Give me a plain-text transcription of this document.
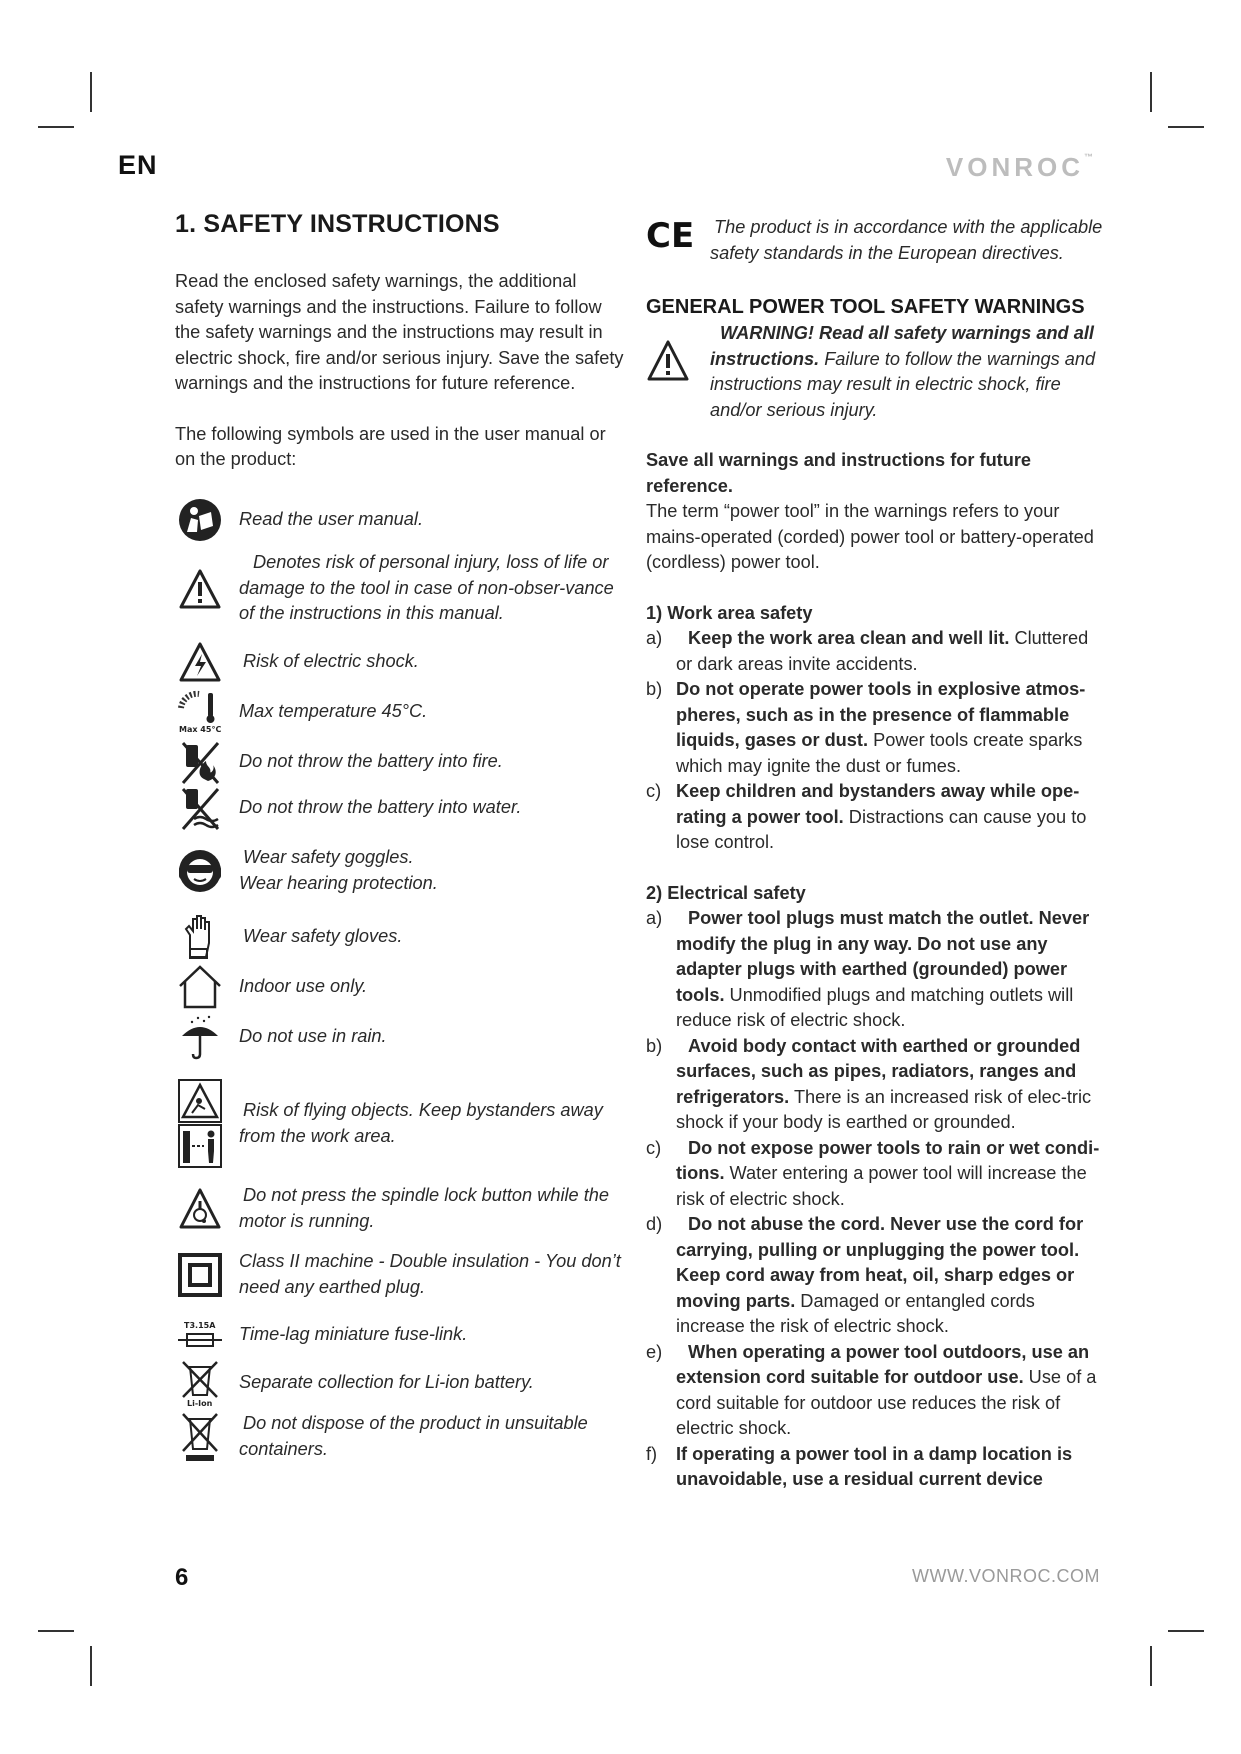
EN	VONROC™
1. SAFETY INSTRUCTIONS

Read the enclosed safety warnings, the additional safety warnings and the instructions. Failure to follow the safety warnings and the instructions may result in electric shock, fire and/or serious injury. Save the safety warnings and the instructions for future reference.

The following symbols are used in the user manual or on the product:

Read the user manual.
Denotes risk of personal injury, loss of life or damage to the tool in case of non-obser-vance of the instructions in this manual.
Risk of electric shock.
Max 45°C
Max temperature 45°C.
Do not throw the battery into fire.
Do not throw the battery into water.
Wear safety goggles.
Wear hearing protection.
Wear safety gloves.
Indoor use only.
Do not use in rain.
Risk of flying objects. Keep bystanders away from the work area.
Do not press the spindle lock button while the motor is running.
Class II machine - Double insulation - You don’t need any earthed plug.
T3.15A Time-lag miniature fuse-link.
Li-Ion
Separate collection for Li-ion battery.
Do not dispose of the product in unsuitable containers.
CE	The product is in accordance with the applicable safety standards in the European directives.
GENERAL POWER TOOL SAFETY WARNINGS
WARNING! Read all safety warnings and all instructions. Failure to follow the warnings and instructions may result in electric shock, fire and/or serious injury.

Save all warnings and instructions for future reference.

The term “power tool” in the warnings refers to your mains-operated (corded) power tool or battery-operated (cordless) power tool.

1) Work area safety
a)	Keep the work area clean and well lit. Cluttered or dark areas invite accidents.
b) Do not operate power tools in explosive atmos-pheres, such as in the presence of flammable liquids, gases or dust. Power tools create sparks which may ignite the dust or fumes.
c) Keep children and bystanders away while ope-rating a power tool. Distractions can cause you to lose control.
2) Electrical safety
a)	Power tool plugs must match the outlet. Never modify the plug in any way. Do not use any adapter plugs with earthed (grounded) power tools. Unmodified plugs and matching outlets will reduce risk of electric shock.
b)	Avoid body contact with earthed or grounded surfaces, such as pipes, radiators, ranges and refrigerators. There is an increased risk of elec-tric shock if your body is earthed or grounded.
c)	Do not expose power tools to rain or wet condi-tions. Water entering a power tool will increase the risk of electric shock.
d)	Do not abuse the cord. Never use the cord for carrying, pulling or unplugging the power tool. Keep cord away from heat, oil, sharp edges or moving parts. Damaged or entangled cords increase the risk of electric shock.
e)	When operating a power tool outdoors, use an extension cord suitable for outdoor use. Use of a cord suitable for outdoor use reduces the risk of electric shock.
f)	If operating a power tool in a damp location is unavoidable, use a residual current device
6	WWW.VONROC.COM
